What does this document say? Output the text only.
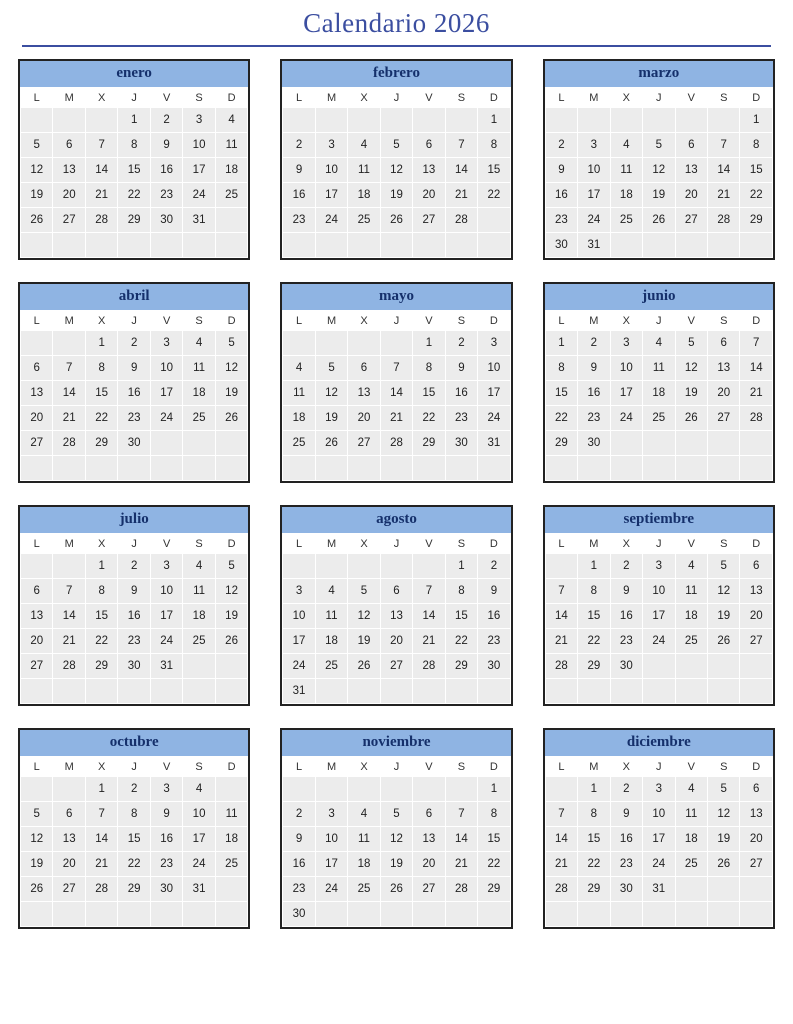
Calendario 2026
enero
L	M	X	J	V	S	D
			1	2	3	4
5	6	7	8	9	10	11
12	13	14	15	16	17	18
19	20	21	22	23	24	25
26	27	28	29	30	31	

febrero
L	M	X	J	V	S	D
						1
2	3	4	5	6	7	8
9	10	11	12	13	14	15
16	17	18	19	20	21	22
23	24	25	26	27	28	

marzo
L	M	X	J	V	S	D
						1
2	3	4	5	6	7	8
9	10	11	12	13	14	15
16	17	18	19	20	21	22
23	24	25	26	27	28	29
30	31					
abril
L	M	X	J	V	S	D
		1	2	3	4	5
6	7	8	9	10	11	12
13	14	15	16	17	18	19
20	21	22	23	24	25	26
27	28	29	30			

mayo
L	M	X	J	V	S	D
				1	2	3
4	5	6	7	8	9	10
11	12	13	14	15	16	17
18	19	20	21	22	23	24
25	26	27	28	29	30	31

junio
L	M	X	J	V	S	D
1	2	3	4	5	6	7
8	9	10	11	12	13	14
15	16	17	18	19	20	21
22	23	24	25	26	27	28
29	30					

julio
L	M	X	J	V	S	D
		1	2	3	4	5
6	7	8	9	10	11	12
13	14	15	16	17	18	19
20	21	22	23	24	25	26
27	28	29	30	31		

agosto
L	M	X	J	V	S	D
					1	2
3	4	5	6	7	8	9
10	11	12	13	14	15	16
17	18	19	20	21	22	23
24	25	26	27	28	29	30
31						
septiembre
L	M	X	J	V	S	D
	1	2	3	4	5	6
7	8	9	10	11	12	13
14	15	16	17	18	19	20
21	22	23	24	25	26	27
28	29	30				

octubre
L	M	X	J	V	S	D
		1	2	3	4	
5	6	7	8	9	10	11
12	13	14	15	16	17	18
19	20	21	22	23	24	25
26	27	28	29	30	31	

noviembre
L	M	X	J	V	S	D
						1
2	3	4	5	6	7	8
9	10	11	12	13	14	15
16	17	18	19	20	21	22
23	24	25	26	27	28	29
30						
diciembre
L	M	X	J	V	S	D
	1	2	3	4	5	6
7	8	9	10	11	12	13
14	15	16	17	18	19	20
21	22	23	24	25	26	27
28	29	30	31			
